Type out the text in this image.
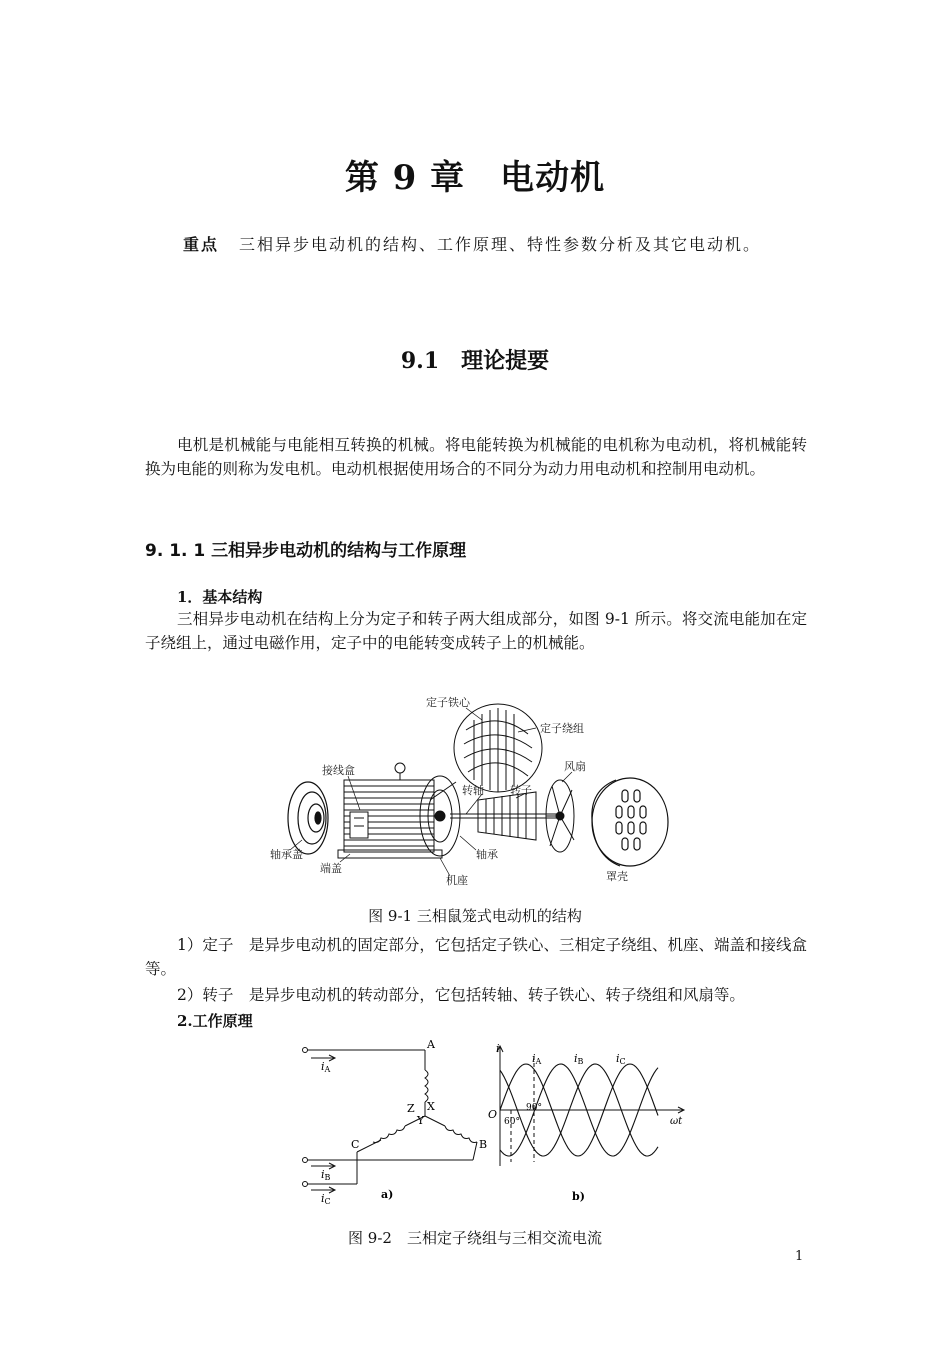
第 9 章　电动机
重点 三相异步电动机的结构、工作原理、特性参数分析及其它电动机。
9.1　理论提要
电机是机械能与电能相互转换的机械。将电能转换为机械能的电机称为电动机，将机械能转换为电能的则称为发电机。电动机根据使用场合的不同分为动力用电动机和控制用电动机。
9. 1. 1 三相异步电动机的结构与工作原理
1．基本结构
三相异步电动机在结构上分为定子和转子两大组成部分，如图 9-1 所示。将交流电能加在定子绕组上，通过电磁作用，定子中的电能转变成转子上的机械能。
定子铁心
定子绕组
接线盒	风扇
转轴 转子
轴承盖	轴承
端盖
机座	罩壳
图 9-1 三相鼠笼式电动机的结构
1）定子　是异步电动机的固定部分，它包括定子铁心、三相定子绕组、机座、端盖和接线盒等。
2）转子　是异步电动机的转动部分，它包括转轴、转子铁心、转子绕组和风扇等。
2.工作原理
A
B
C
X
Y
Z
iA
iB
iC
a)
i
O
ωt
60°
90°
iA	iB	iC
b)
图 9-2　三相定子绕组与三相交流电流
1
